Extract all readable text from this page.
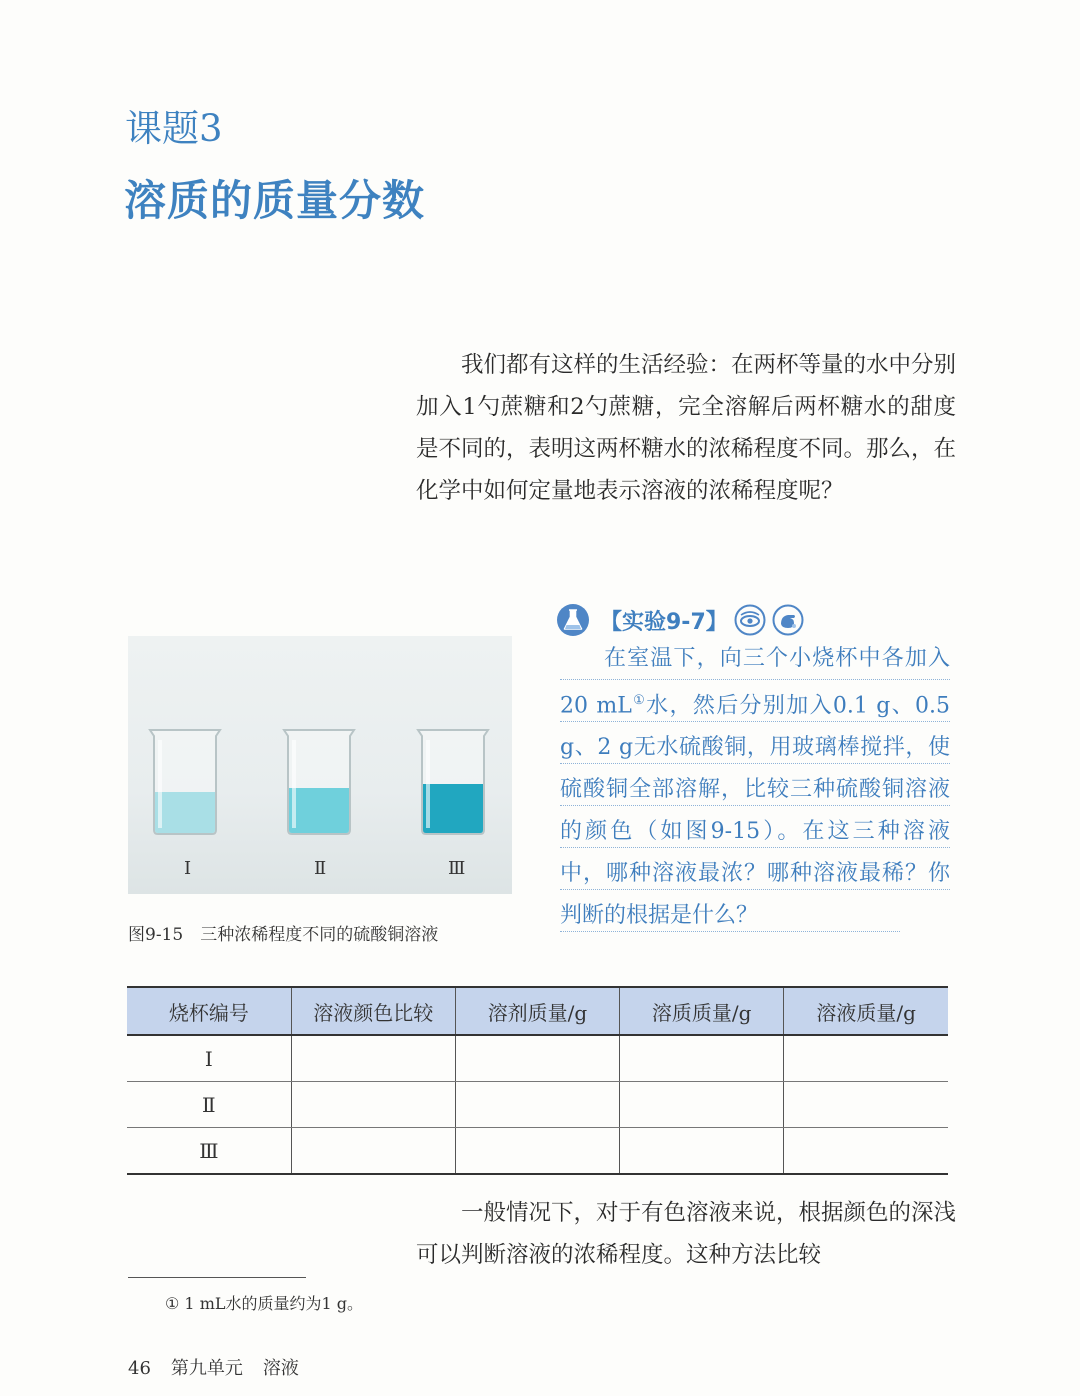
课题3
溶质的质量分数

我们都有这样的生活经验：在两杯等量的水中分别加入1勺蔗糖和2勺蔗糖，完全溶解后两杯糖水的甜度是不同的，表明这两杯糖水的浓稀程度不同。那么，在化学中如何定量地表示溶液的浓稀程度呢？

Ⅰ	Ⅱ	Ⅲ
图9-15　三种浓稀程度不同的硫酸铜溶液
【实验9-7】

在室温下，向三个小烧杯中各加入20 mL①水，然后分别加入0.1 g、0.5 g、2 g无水硫酸铜，用玻璃棒搅拌，使硫酸铜全部溶解，比较三种硫酸铜溶液的颜色（如图9-15）。在这三种溶液中，哪种溶液最浓？哪种溶液最稀？你判断的根据是什么？

烧杯编号	溶液颜色比较	溶剂质量/g	溶质质量/g	溶液质量/g
Ⅰ				
Ⅱ				
Ⅲ				

一般情况下，对于有色溶液来说，根据颜色的深浅可以判断溶液的浓稀程度。这种方法比较

① 1 mL水的质量约为1 g。
46 第九单元 溶液
